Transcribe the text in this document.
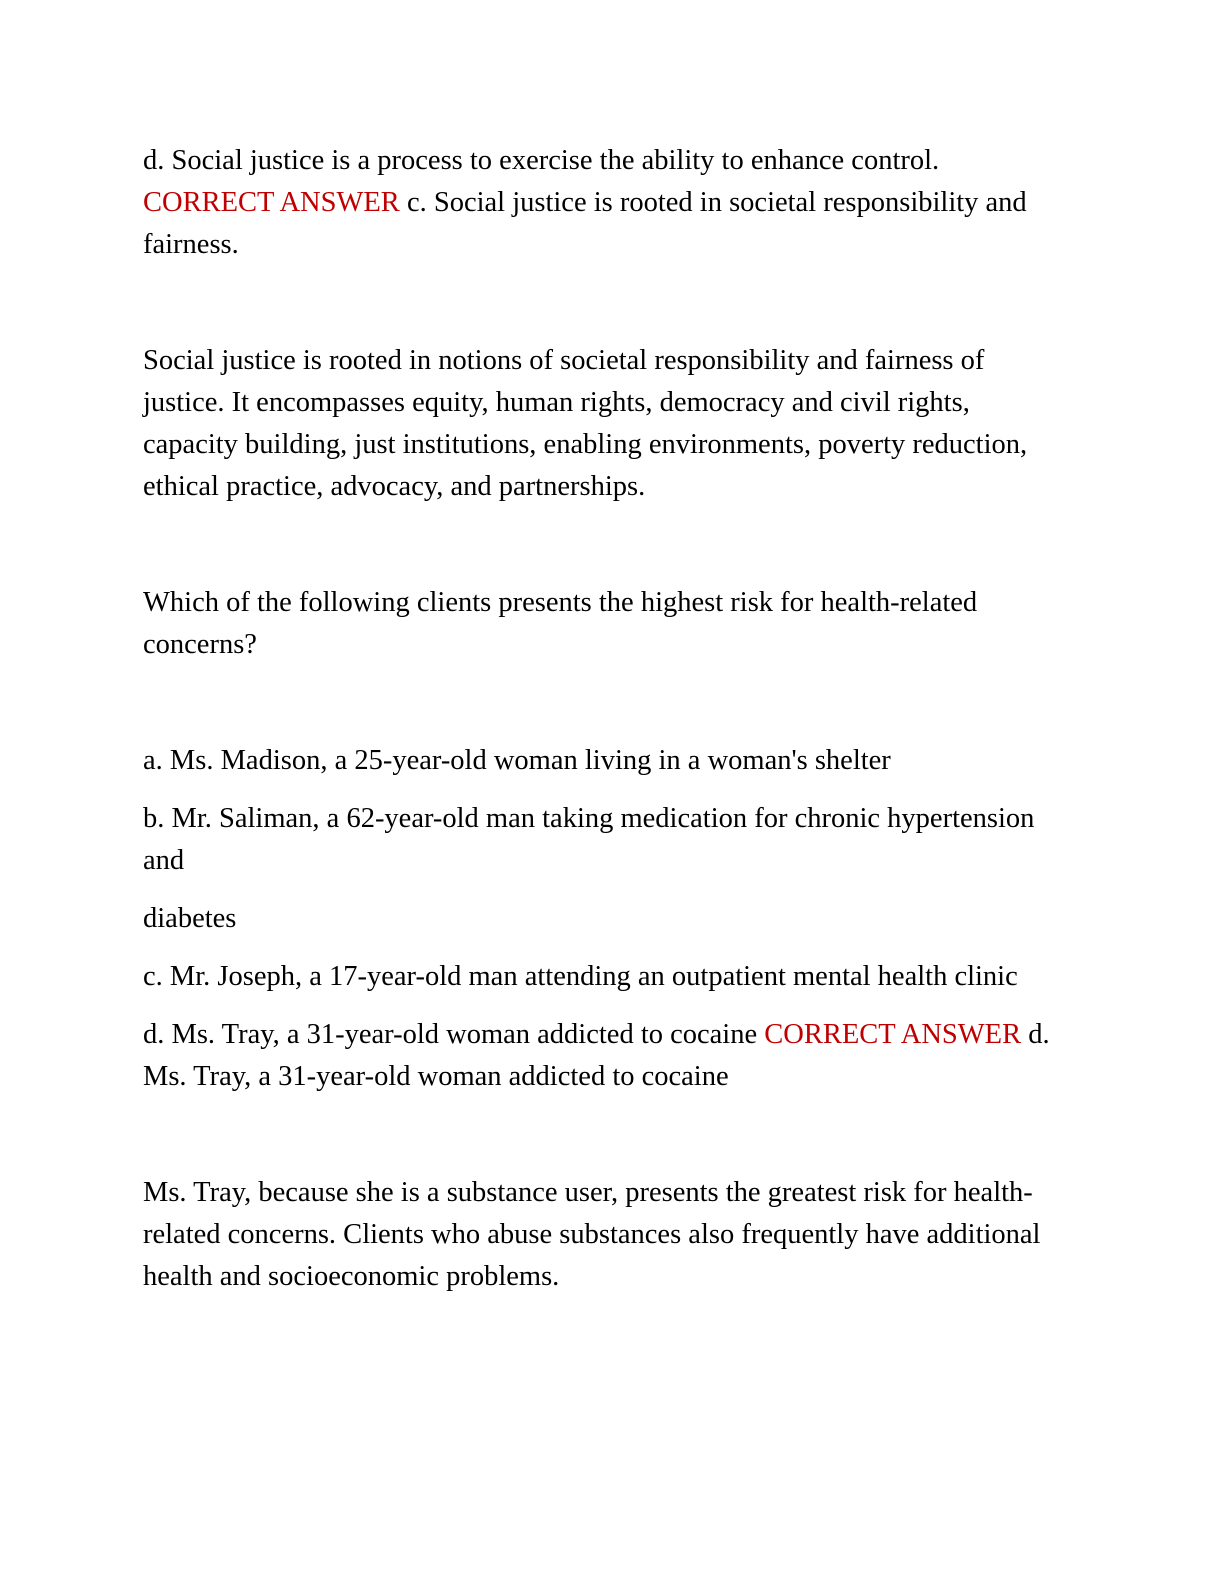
d. Social justice is a process to exercise the ability to enhance control.
CORRECT ANSWER c. Social justice is rooted in societal responsibility and fairness.

Social justice is rooted in notions of societal responsibility and fairness of justice. It encompasses equity, human rights, democracy and civil rights, capacity building, just institutions, enabling environments, poverty reduction, ethical practice, advocacy, and partnerships.

Which of the following clients presents the highest risk for health-related concerns?

a. Ms. Madison, a 25-year-old woman living in a woman's shelter

b. Mr. Saliman, a 62-year-old man taking medication for chronic hypertension and

diabetes

c. Mr. Joseph, a 17-year-old man attending an outpatient mental health clinic

d. Ms. Tray, a 31-year-old woman addicted to cocaine CORRECT ANSWER d. Ms. Tray, a 31-year-old woman addicted to cocaine

Ms. Tray, because she is a substance user, presents the greatest risk for health-related concerns. Clients who abuse substances also frequently have additional health and socioeconomic problems.
